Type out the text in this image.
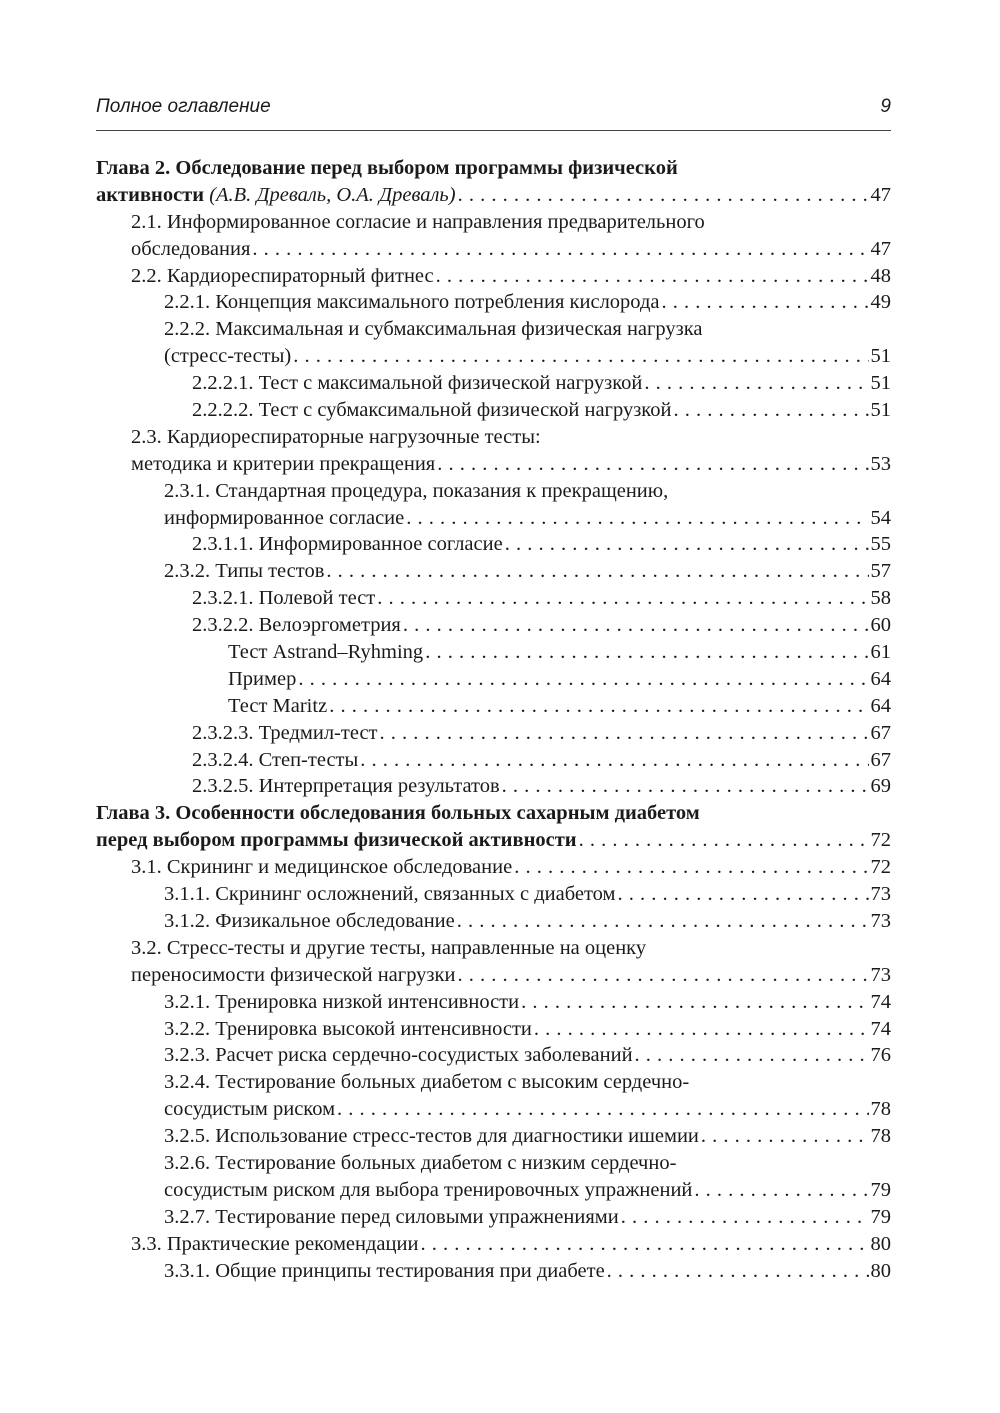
Полное оглавление	9
Глава 2. Обследование перед выбором программы физической
активности
(А.В. Древаль, О.А. Древаль) . . .	47
2.1. Информированное согласие и направления предварительного
обследования . . .	47
2.2. Кардиореспираторный фитнес . . .	48
2.2.1. Концепция максимального потребления кислорода . . .	49
2.2.2. Максимальная и субмаксимальная физическая нагрузка
(стресс-тесты) . . .	51
2.2.2.1. Тест с максимальной физической нагрузкой . . .	51
2.2.2.2. Тест с субмаксимальной физической нагрузкой . . .	51
2.3. Кардиореспираторные нагрузочные тесты:
методика и критерии прекращения . . .	53
2.3.1. Стандартная процедура, показания к прекращению,
информированное согласие . . .	54
2.3.1.1. Информированное согласие . . .	55
2.3.2. Типы тестов . . .	57
2.3.2.1. Полевой тест . . .	58
2.3.2.2. Велоэргометрия . . .	60
Тест Astrand–Ryhming . . .	61
Пример . . .	64
Тест Maritz . . .	64
2.3.2.3. Тредмил-тест . . .	67
2.3.2.4. Степ-тесты . . .	67
2.3.2.5. Интерпретация результатов . . .	69
Глава 3. Особенности обследования больных сахарным диабетом
перед выбором программы физической активности . . .	72
3.1. Скрининг и медицинское обследование . . .	72
3.1.1. Скрининг осложнений, связанных с диабетом . . .	73
3.1.2. Физикальное обследование . . .	73
3.2. Стресс-тесты и другие тесты, направленные на оценку
переносимости физической нагрузки . . .	73
3.2.1. Тренировка низкой интенсивности . . .	74
3.2.2. Тренировка высокой интенсивности . . .	74
3.2.3. Расчет риска сердечно-сосудистых заболеваний . . .	76
3.2.4. Тестирование больных диабетом с высоким сердечно-
сосудистым риском . . .	78
3.2.5. Использование стресс-тестов для диагностики ишемии . . .	78
3.2.6. Тестирование больных диабетом с низким сердечно-
сосудистым риском для выбора тренировочных упражнений . . .	79
3.2.7. Тестирование перед силовыми упражнениями . . .	79
3.3. Практические рекомендации . . .	80
3.3.1. Общие принципы тестирования при диабете . . .	80
